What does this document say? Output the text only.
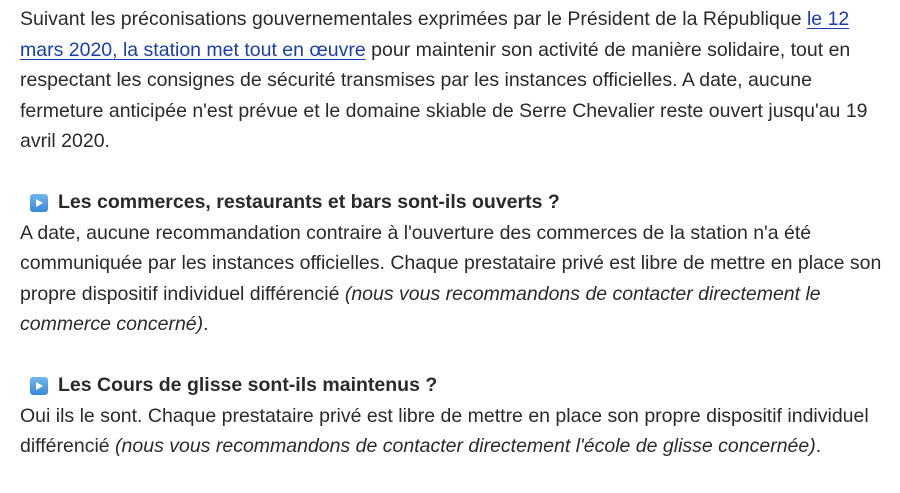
Suivant les préconisations gouvernementales exprimées par le Président de la République le 12 mars 2020, la station met tout en œuvre pour maintenir son activité de manière solidaire, tout en respectant les consignes de sécurité transmises par les instances officielles. A date, aucune fermeture anticipée n'est prévue et le domaine skiable de Serre Chevalier reste ouvert jusqu'au 19 avril 2020.

Les commerces, restaurants et bars sont-ils ouverts ?

A date, aucune recommandation contraire à l'ouverture des commerces de la station n'a été communiquée par les instances officielles. Chaque prestataire privé est libre de mettre en place son propre dispositif individuel différencié (nous vous recommandons de contacter directement le commerce concerné).

Les Cours de glisse sont-ils maintenus ?

Oui ils le sont. Chaque prestataire privé est libre de mettre en place son propre dispositif individuel différencié (nous vous recommandons de contacter directement l'école de glisse concernée).
